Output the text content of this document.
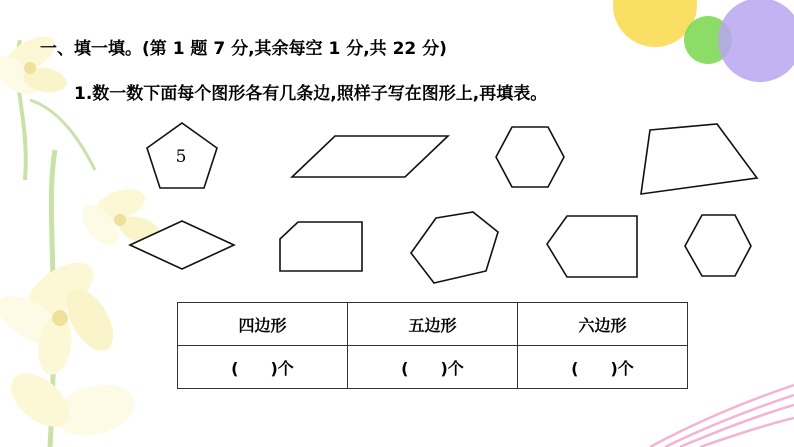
一、填一填。(第 1 题 7 分,其余每空 1 分,共 22 分)
1.数一数下面每个图形各有几条边,照样子写在图形上,再填表。
5
四边形	五边形	六边形
(　　)个	(　　)个	(　　)个
